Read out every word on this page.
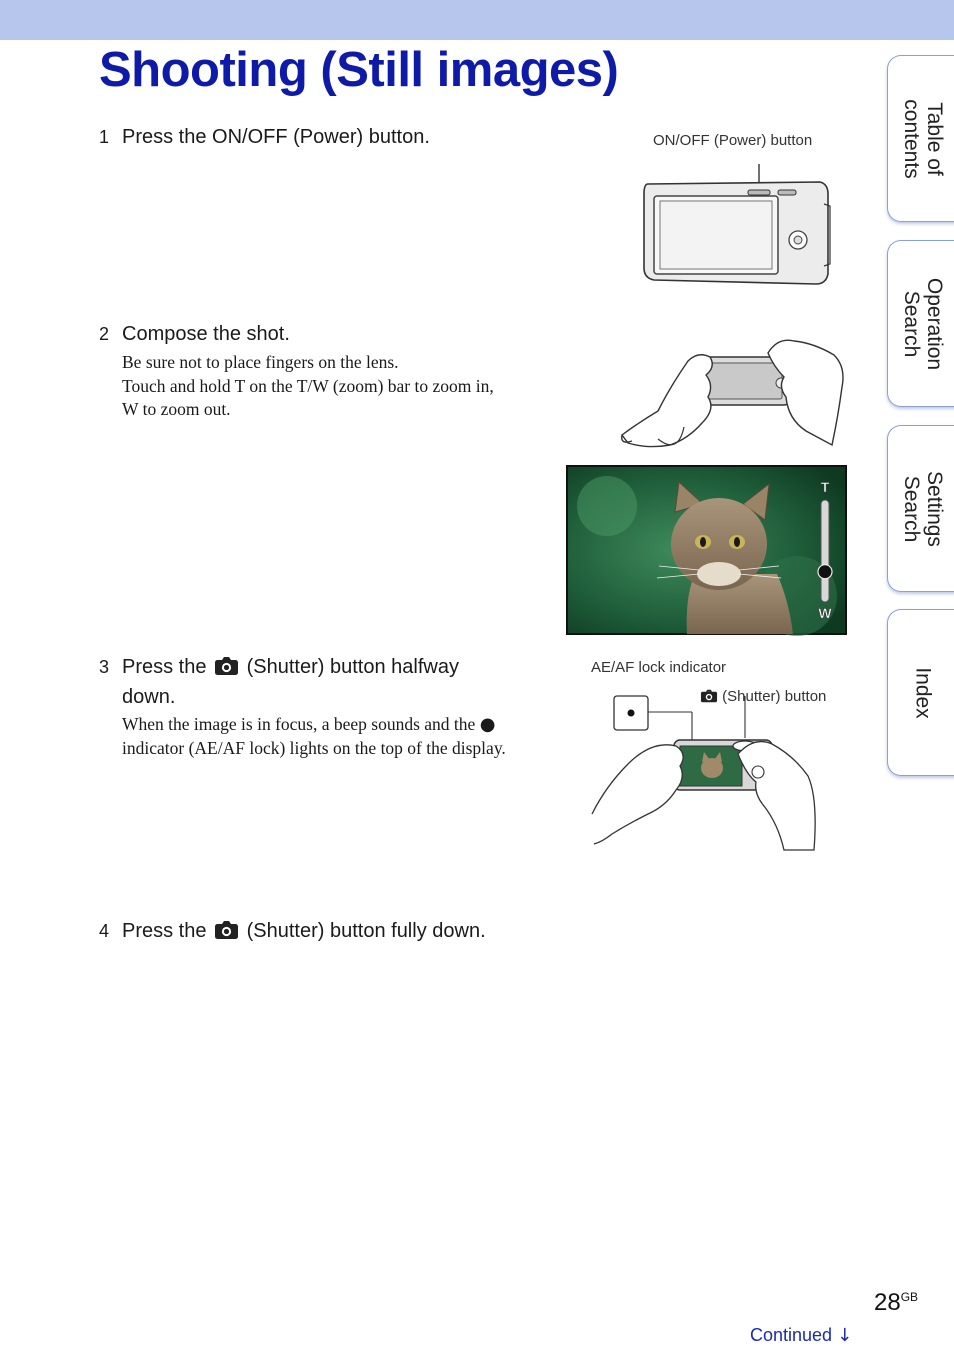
Shooting (Still images)
1 Press the ON/OFF (Power) button.
2 Compose the shot.
Be sure not to place fingers on the lens.
Touch and hold T on the T/W (zoom) bar to zoom in,
W to zoom out.
3 Press the (Shutter) button halfway
down.
When the image is in focus, a beep sounds and the ●
indicator (AE/AF lock) lights on the top of the display.
4 Press the (Shutter) button fully down.
ON/OFF (Power) button
T
W
AE/AF lock indicator
(Shutter) button
Table of
contents
Operation
Search
Settings
Search
Index
$28^{GB}$
Continued ↓
